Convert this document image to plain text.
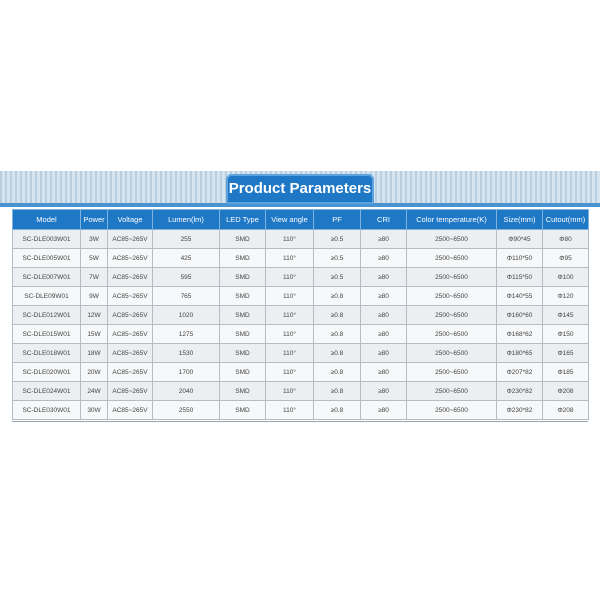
Product Parameters
Model	Power	Voltage	Lumen(lm)	LED Type	View angle	PF	CRI	Color temperature(K)	Size(mm)	Cutout(mm)
SC-DLE003W01	3W	AC85~265V	255	SMD	110°	≥0.5	≥80	2500~6500	Φ90*45	Φ80
SC-DLE005W01	5W	AC85~265V	425	SMD	110°	≥0.5	≥80	2500~6500	Φ110*50	Φ95
SC-DLE007W01	7W	AC85~265V	595	SMD	110°	≥0.5	≥80	2500~6500	Φ115*50	Φ100
SC-DLE09W01	9W	AC85~265V	765	SMD	110°	≥0.8	≥80	2500~6500	Φ140*55	Φ120
SC-DLE012W01	12W	AC85~265V	1020	SMD	110°	≥0.8	≥80	2500~6500	Φ160*60	Φ145
SC-DLE015W01	15W	AC85~265V	1275	SMD	110°	≥0.8	≥80	2500~6500	Φ168*62	Φ150
SC-DLE018W01	18W	AC85~265V	1530	SMD	110°	≥0.8	≥80	2500~6500	Φ180*65	Φ165
SC-DLE020W01	20W	AC85~265V	1700	SMD	110°	≥0.8	≥80	2500~6500	Φ207*82	Φ185
SC-DLE024W01	24W	AC85~265V	2040	SMD	110°	≥0.8	≥80	2500~6500	Φ230*82	Φ208
SC-DLE030W01	30W	AC85~265V	2550	SMD	110°	≥0.8	≥80	2500~6500	Φ230*82	Φ208
